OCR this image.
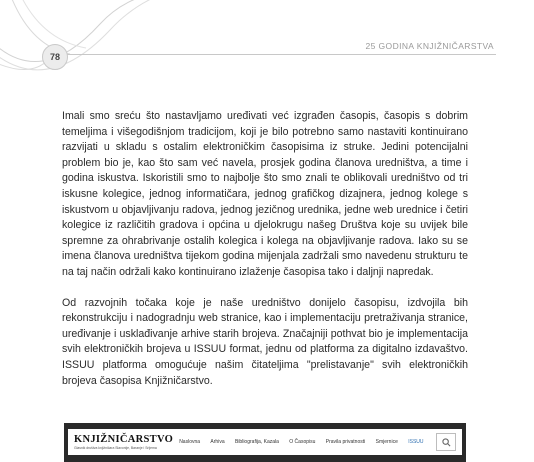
78
25 GODINA KNJIŽNIČARSTVA

Imali smo sreću što nastavljamo uređivati već izgrađen časopis, časopis s dobrim temeljima i višegodišnjom tradicijom, koji je bilo potrebno samo nastaviti kontinuirano razvijati u skladu s ostalim elektroničkim časopisima iz struke. Jedini potencijalni problem bio je, kao što sam već navela, prosjek godina članova uredništva, a time i godina iskustva. Iskoristili smo to najbolje što smo znali te oblikovali uredništvo od tri iskusne kolegice, jednog informatičara, jednog grafičkog dizajnera, jednog kolege s iskustvom u objavljivanju radova, jednog jezičnog urednika, jedne web urednice i četiri kolegice iz različitih gradova i općina u djelokrugu našeg Društva koje su uvijek bile spremne za ohrabrivanje ostalih kolegica i kolega na objavljivanje radova. Iako su se imena članova uredništva tijekom godina mijenjala zadržali smo navedenu strukturu te na taj način održali kako kontinuirano izlaženje časopisa tako i daljnji napredak.

Od razvojnih točaka koje je naše uredništvo donijelo časopisu, izdvojila bih rekonstrukciju i nadogradnju web stranice, kao i implementaciju pretraživanja stranice, uređivanje i usklađivanje arhive starih brojeva. Značajniji pothvat bio je implementacija svih elektroničkih brojeva u ISSUU format, jednu od platforma za digitalno izdavaštvo. ISSUU platforma omogućuje našim čitateljima "prelistavanje" svih elektroničkih brojeva časopisa Knjižničarstvo.

KNJIŽNIČARSTVO
Glasnik društva knjižničara Slavonije, Baranje i Srijema
Naslovna	Arhiva	Bibliografija, Kazala	O Časopisu	Pravila privatnosti	Smjernice	ISSUU
